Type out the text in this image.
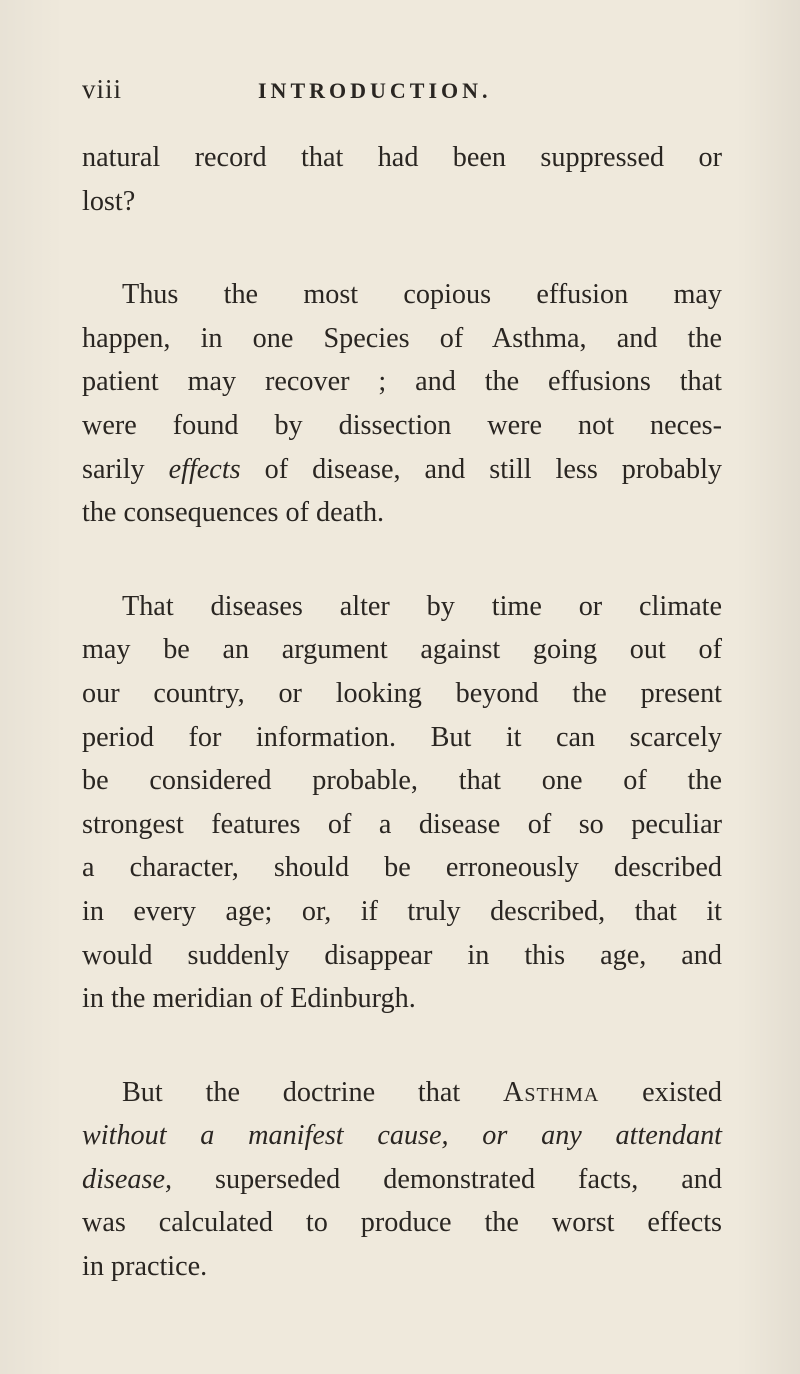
viii	INTRODUCTION.
natural record that had been suppressed or
lost?
Thus the most copious effusion may
happen, in one Species of Asthma, and the
patient may recover ; and the effusions that
were found by dissection were not neces-
sarily effects of disease, and still less probably
the consequences of death.
That diseases alter by time or climate
may be an argument against going out of
our country, or looking beyond the present
period for information. But it can scarcely
be considered probable, that one of the
strongest features of a disease of so peculiar
a character, should be erroneously described
in every age; or, if truly described, that it
would suddenly disappear in this age, and
in the meridian of Edinburgh.
But the doctrine that Asthma existed
without a manifest cause, or any attendant
disease, superseded demonstrated facts, and
was calculated to produce the worst effects
in practice.
